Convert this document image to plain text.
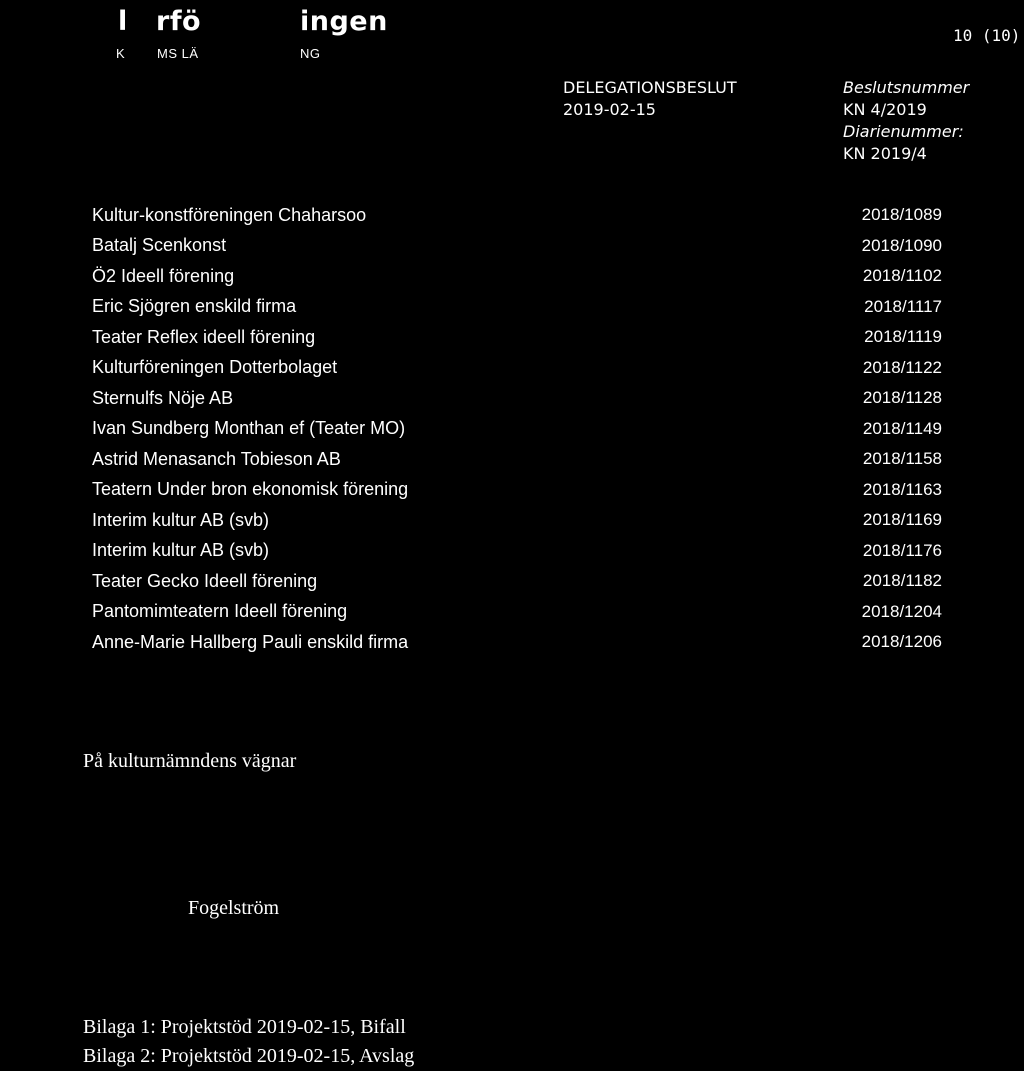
l rfö	ingen
K MS LÄ	NG
10 (10)
DELEGATIONSBESLUT
2019-02-15
Beslutsnummer
KN 4/2019
Diarienummer:
KN 2019/4
Kultur-konstföreningen Chaharsoo	2018/1089
Batalj Scenkonst	2018/1090
Ö2 Ideell förening	2018/1102
Eric Sjögren enskild firma	2018/1117
Teater Reflex ideell förening	2018/1119
Kulturföreningen Dotterbolaget	2018/1122
Sternulfs Nöje AB	2018/1128
Ivan Sundberg Monthan ef (Teater MO)	2018/1149
Astrid Menasanch Tobieson AB	2018/1158
Teatern Under bron ekonomisk förening	2018/1163
Interim kultur AB (svb)	2018/1169
Interim kultur AB (svb)	2018/1176
Teater Gecko Ideell förening	2018/1182
Pantomimteatern Ideell förening	2018/1204
Anne-Marie Hallberg Pauli enskild firma	2018/1206
På kulturnämndens vägnar
Fogelström
Bilaga 1: Projektstöd 2019-02-15, Bifall
Bilaga 2: Projektstöd 2019-02-15, Avslag
